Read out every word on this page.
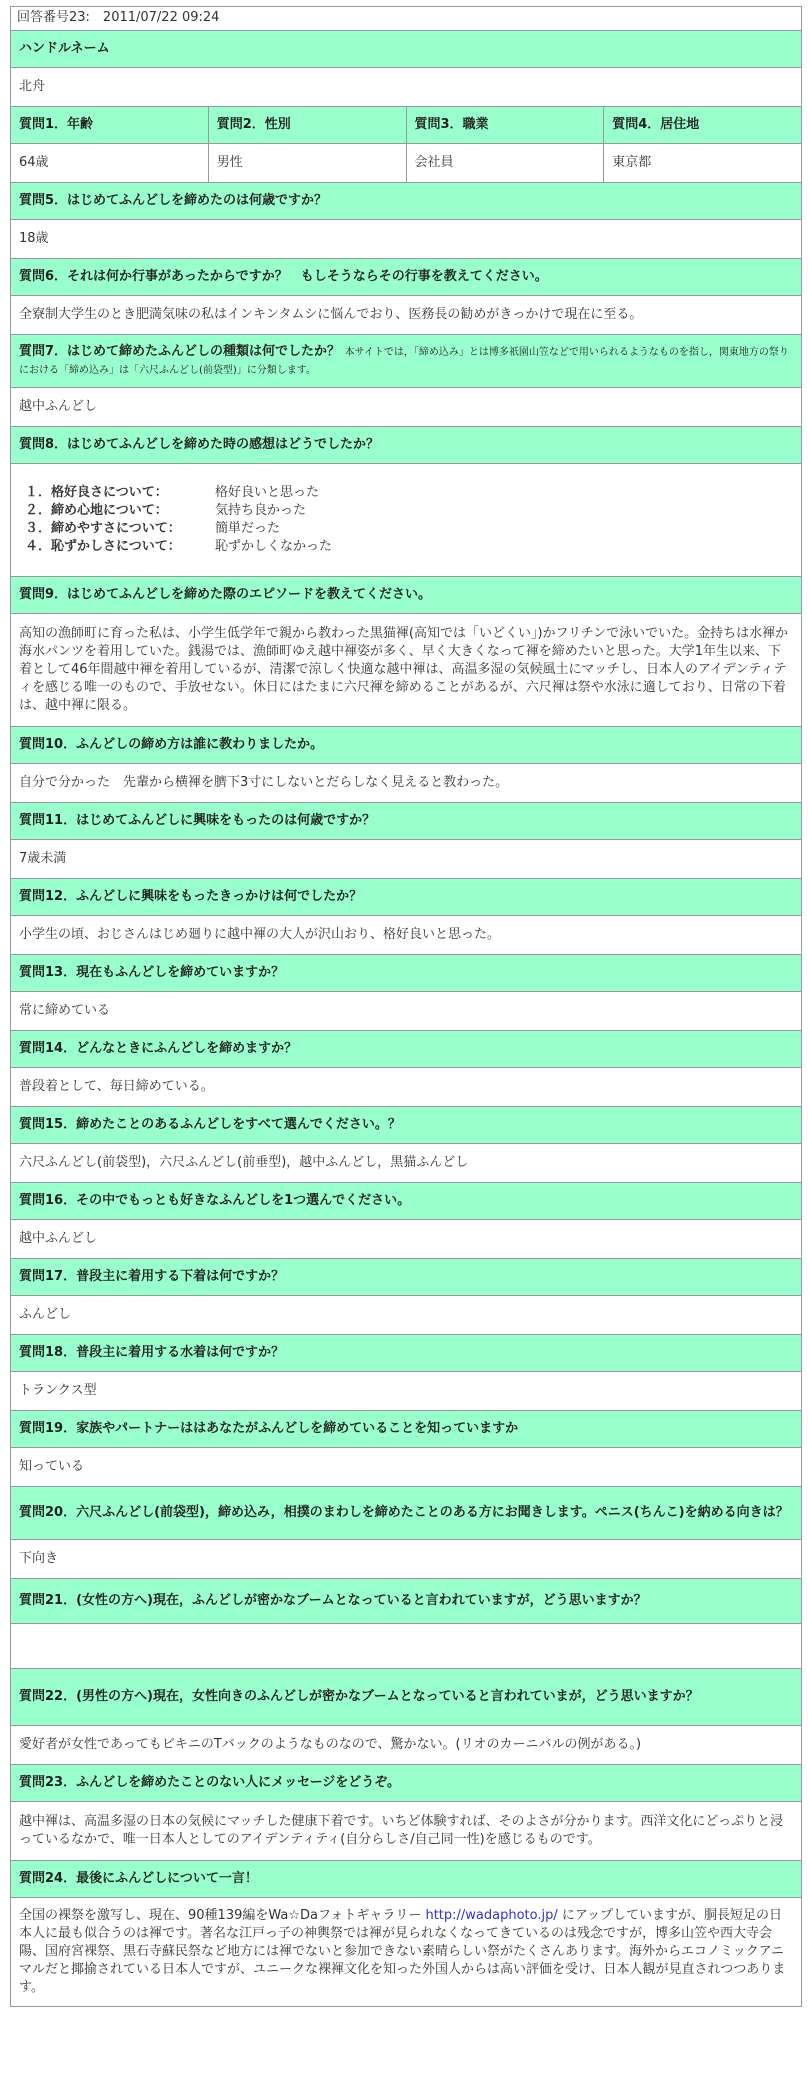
回答番号23:　2011/07/22 09:24
ハンドルネーム
北舟
質問1．年齢	質問2．性別	質問3．職業	質問4．居住地
64歳	男性	会社員	東京都
質問5．はじめてふんどしを締めたのは何歳ですか？
18歳
質問6．それは何か行事があったからですか？　もしそうならその行事を教えてください。
全寮制大学生のとき肥満気味の私はインキンタムシに悩んでおり、医務長の勧めがきっかけで現在に至る。
質問7．はじめて締めたふんどしの種類は何でしたか？ 本サイトでは，「締め込み」とは博多祇園山笠などで用いられるようなものを指し，関東地方の祭りにおける「締め込み」は「六尺ふんどし(前袋型)」に分類します。
越中ふんどし
質問8．はじめてふんどしを締めた時の感想はどうでしたか？

１．格好良さについて：	格好良いと思った
２．締め心地について：	気持ち良かった
３．締めやすさについて：	簡単だった
４．恥ずかしさについて：	恥ずかしくなかった

質問9．はじめてふんどしを締めた際のエピソードを教えてください。
高知の漁師町に育った私は、小学生低学年で親から教わった黒猫褌(高知では「いどくい」)かフリチンで泳いでいた。金持ちは水褌か海水パンツを着用していた。銭湯では、漁師町ゆえ越中褌姿が多く、早く大きくなって褌を締めたいと思った。大学1年生以来、下着として46年間越中褌を着用しているが、清潔で涼しく快適な越中褌は、高温多湿の気候風土にマッチし、日本人のアイデンティティを感じる唯一のもので、手放せない。休日にはたまに六尺褌を締めることがあるが、六尺褌は祭や水泳に適しており、日常の下着は、越中褌に限る。
質問10．ふんどしの締め方は誰に教わりましたか。
自分で分かった　先輩から横褌を臍下3寸にしないとだらしなく見えると教わった。
質問11．はじめてふんどしに興味をもったのは何歳ですか？
7歳未満
質問12．ふんどしに興味をもったきっかけは何でしたか？
小学生の頃、おじさんはじめ廻りに越中褌の大人が沢山おり、格好良いと思った。
質問13．現在もふんどしを締めていますか？
常に締めている
質問14．どんなときにふんどしを締めますか？
普段着として、毎日締めている。
質問15．締めたことのあるふんどしをすべて選んでください。？
六尺ふんどし(前袋型)，六尺ふんどし(前垂型)，越中ふんどし，黒猫ふんどし
質問16．その中でもっとも好きなふんどしを1つ選んでください。
越中ふんどし
質問17．普段主に着用する下着は何ですか？
ふんどし
質問18．普段主に着用する水着は何ですか？
トランクス型
質問19．家族やパートナーははあなたがふんどしを締めていることを知っていますか
知っている
質問20．六尺ふんどし(前袋型)，締め込み，相撲のまわしを締めたことのある方にお聞きします。ペニス(ちんこ)を納める向きは？
下向き
質問21．(女性の方へ)現在，ふんどしが密かなブームとなっていると言われていますが，どう思いますか？

質問22．(男性の方へ)現在，女性向きのふんどしが密かなブームとなっていると言われていまが，どう思いますか？
愛好者が女性であってもビキニのTバックのようなものなので、驚かない。(リオのカーニバルの例がある。)
質問23．ふんどしを締めたことのない人にメッセージをどうぞ。
越中褌は、高温多湿の日本の気候にマッチした健康下着です。いちど体験すれば、そのよさが分かります。西洋文化にどっぷりと浸っているなかで、唯一日本人としてのアイデンティティ(自分らしさ/自己同一性)を感じるものです。
質問24．最後にふんどしについて一言！
全国の裸祭を激写し、現在、90種139編をWa☆Daフォトギャラリー http://wadaphoto.jp/ にアップしていますが、胴長短足の日本人に最も似合うのは褌です。著名な江戸っ子の神輿祭では褌が見られなくなってきているのは残念ですが，博多山笠や西大寺会陽、国府宮裸祭、黒石寺蘇民祭など地方には褌でないと参加できない素晴らしい祭がたくさんあります。海外からエコノミックアニマルだと揶揄されている日本人ですが、ユニークな裸褌文化を知った外国人からは高い評価を受け、日本人観が見直されつつあります。
